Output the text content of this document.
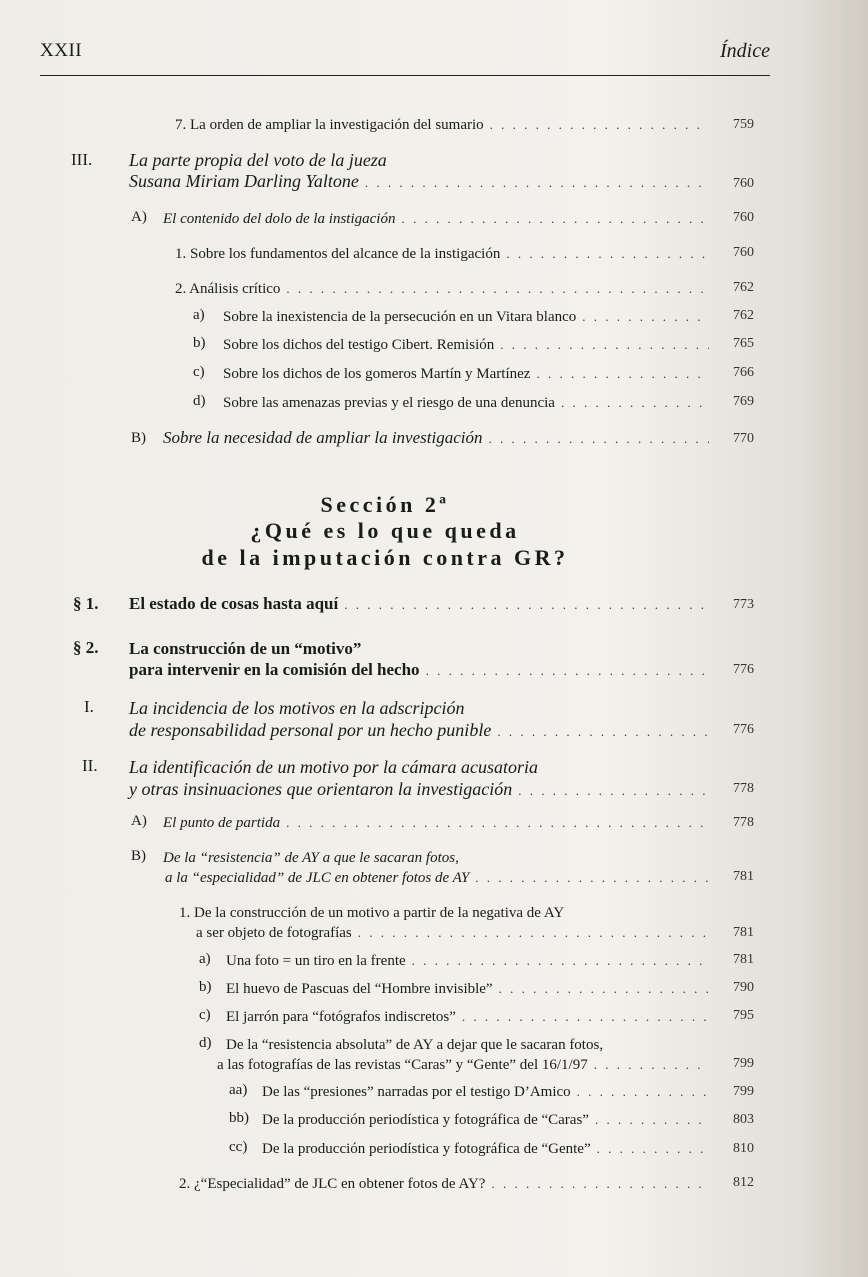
XXII	Índice
7. La orden de ampliar la investigación del sumario . . .	759
III. La parte propia del voto de la jueza
Susana Miriam Darling Yaltone . . .	760
A) El contenido del dolo de la instigación . . .	760
1. Sobre los fundamentos del alcance de la instigación . . .	760
2. Análisis crítico . . .	762
a) Sobre la inexistencia de la persecución en un Vitara blanco . . .	762
b) Sobre los dichos del testigo Cibert. Remisión . . .	765
c) Sobre los dichos de los gomeros Martín y Martínez . . .	766
d) Sobre las amenazas previas y el riesgo de una denuncia . . .	769
B) Sobre la necesidad de ampliar la investigación . . .	770
Sección 2ª
¿Qué es lo que queda
de la imputación contra GR?
§ 1. El estado de cosas hasta aquí . . .	773
§ 2. La construcción de un “motivo”
para intervenir en la comisión del hecho . . .	776
I. La incidencia de los motivos en la adscripción
de responsabilidad personal por un hecho punible . . .	776
II. La identificación de un motivo por la cámara acusatoria
y otras insinuaciones que orientaron la investigación . . .	778
A) El punto de partida . . .	778
B) De la “resistencia” de AY a que le sacaran fotos,
a la “especialidad” de JLC en obtener fotos de AY . . .	781
1. De la construcción de un motivo a partir de la negativa de AY
a ser objeto de fotografías . . .	781
a) Una foto = un tiro en la frente . . .	781
b) El huevo de Pascuas del “Hombre invisible” . . .	790
c) El jarrón para “fotógrafos indiscretos” . . .	795
d) De la “resistencia absoluta” de AY a dejar que le sacaran fotos,
a las fotografías de las revistas “Caras” y “Gente” del 16/1/97 . . .	799
aa) De las “presiones” narradas por el testigo D’Amico . . .	799
bb) De la producción periodística y fotográfica de “Caras” . . .	803
cc) De la producción periodística y fotográfica de “Gente” . . .	810
2. ¿“Especialidad” de JLC en obtener fotos de AY? . . .	812
